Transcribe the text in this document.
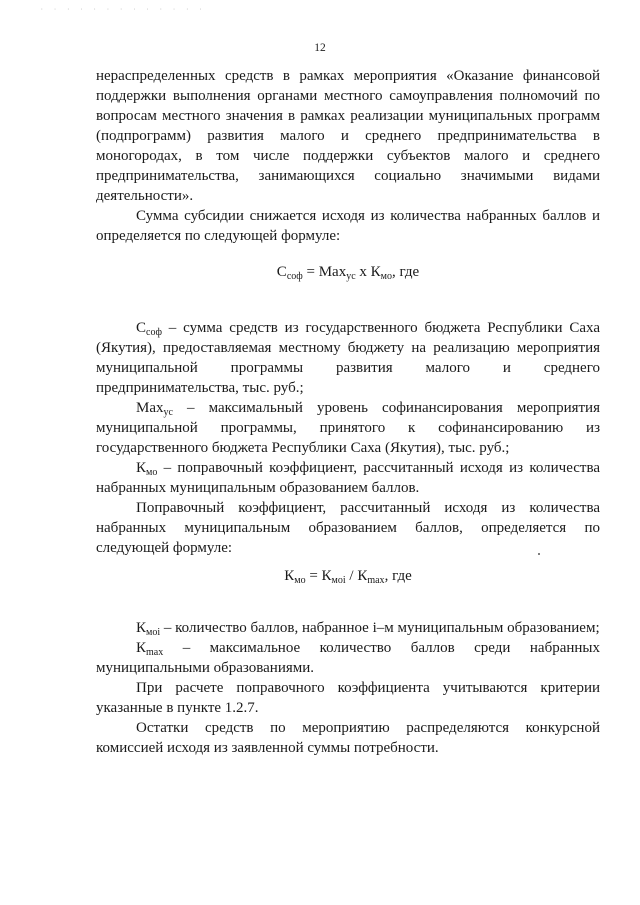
· · · · · · · · · · · · ·
12

нераспределенных средств в рамках мероприятия «Оказание финансовой поддержки выполнения органами местного самоуправления полномочий по вопросам местного значения в рамках реализации муниципальных программ (подпрограмм) развития малого и среднего предпринимательства в моногородах, в том числе поддержки субъектов малого и среднего предпринимательства, занимающихся социально значимыми видами деятельности».

Сумма субсидии снижается исходя из количества набранных баллов и определяется по следующей формуле:

$С_{соф} = Max_{ус}$ х $К_{мо}$, где

$С_{соф}$ – сумма средств из государственного бюджета Республики Саха (Якутия), предоставляемая местному бюджету на реализацию мероприятия муниципальной программы развития малого и среднего предпринимательства, тыс. руб.;

Max$_{ус}$ – максимальный уровень софинансирования мероприятия муниципальной программы, принятого к софинансированию из государственного бюджета Республики Саха (Якутия), тыс. руб.;

$К_{мо}$ – поправочный коэффициент, рассчитанный исходя из количества набранных муниципальным образованием баллов.

Поправочный коэффициент, рассчитанный исходя из количества набранных муниципальным образованием баллов, определяется по следующей формуле:

$К_{мо} = К_{моi} / К_{max}$, где

$К_{моi}$ – количество баллов, набранное i–м муниципальным образованием;

$К_{max}$ – максимальное количество баллов среди набранных муниципальными образованиями.

При расчете поправочного коэффициента учитываются критерии указанные в пункте 1.2.7.

Остатки средств по мероприятию распределяются конкурсной комиссией исходя из заявленной суммы потребности.
